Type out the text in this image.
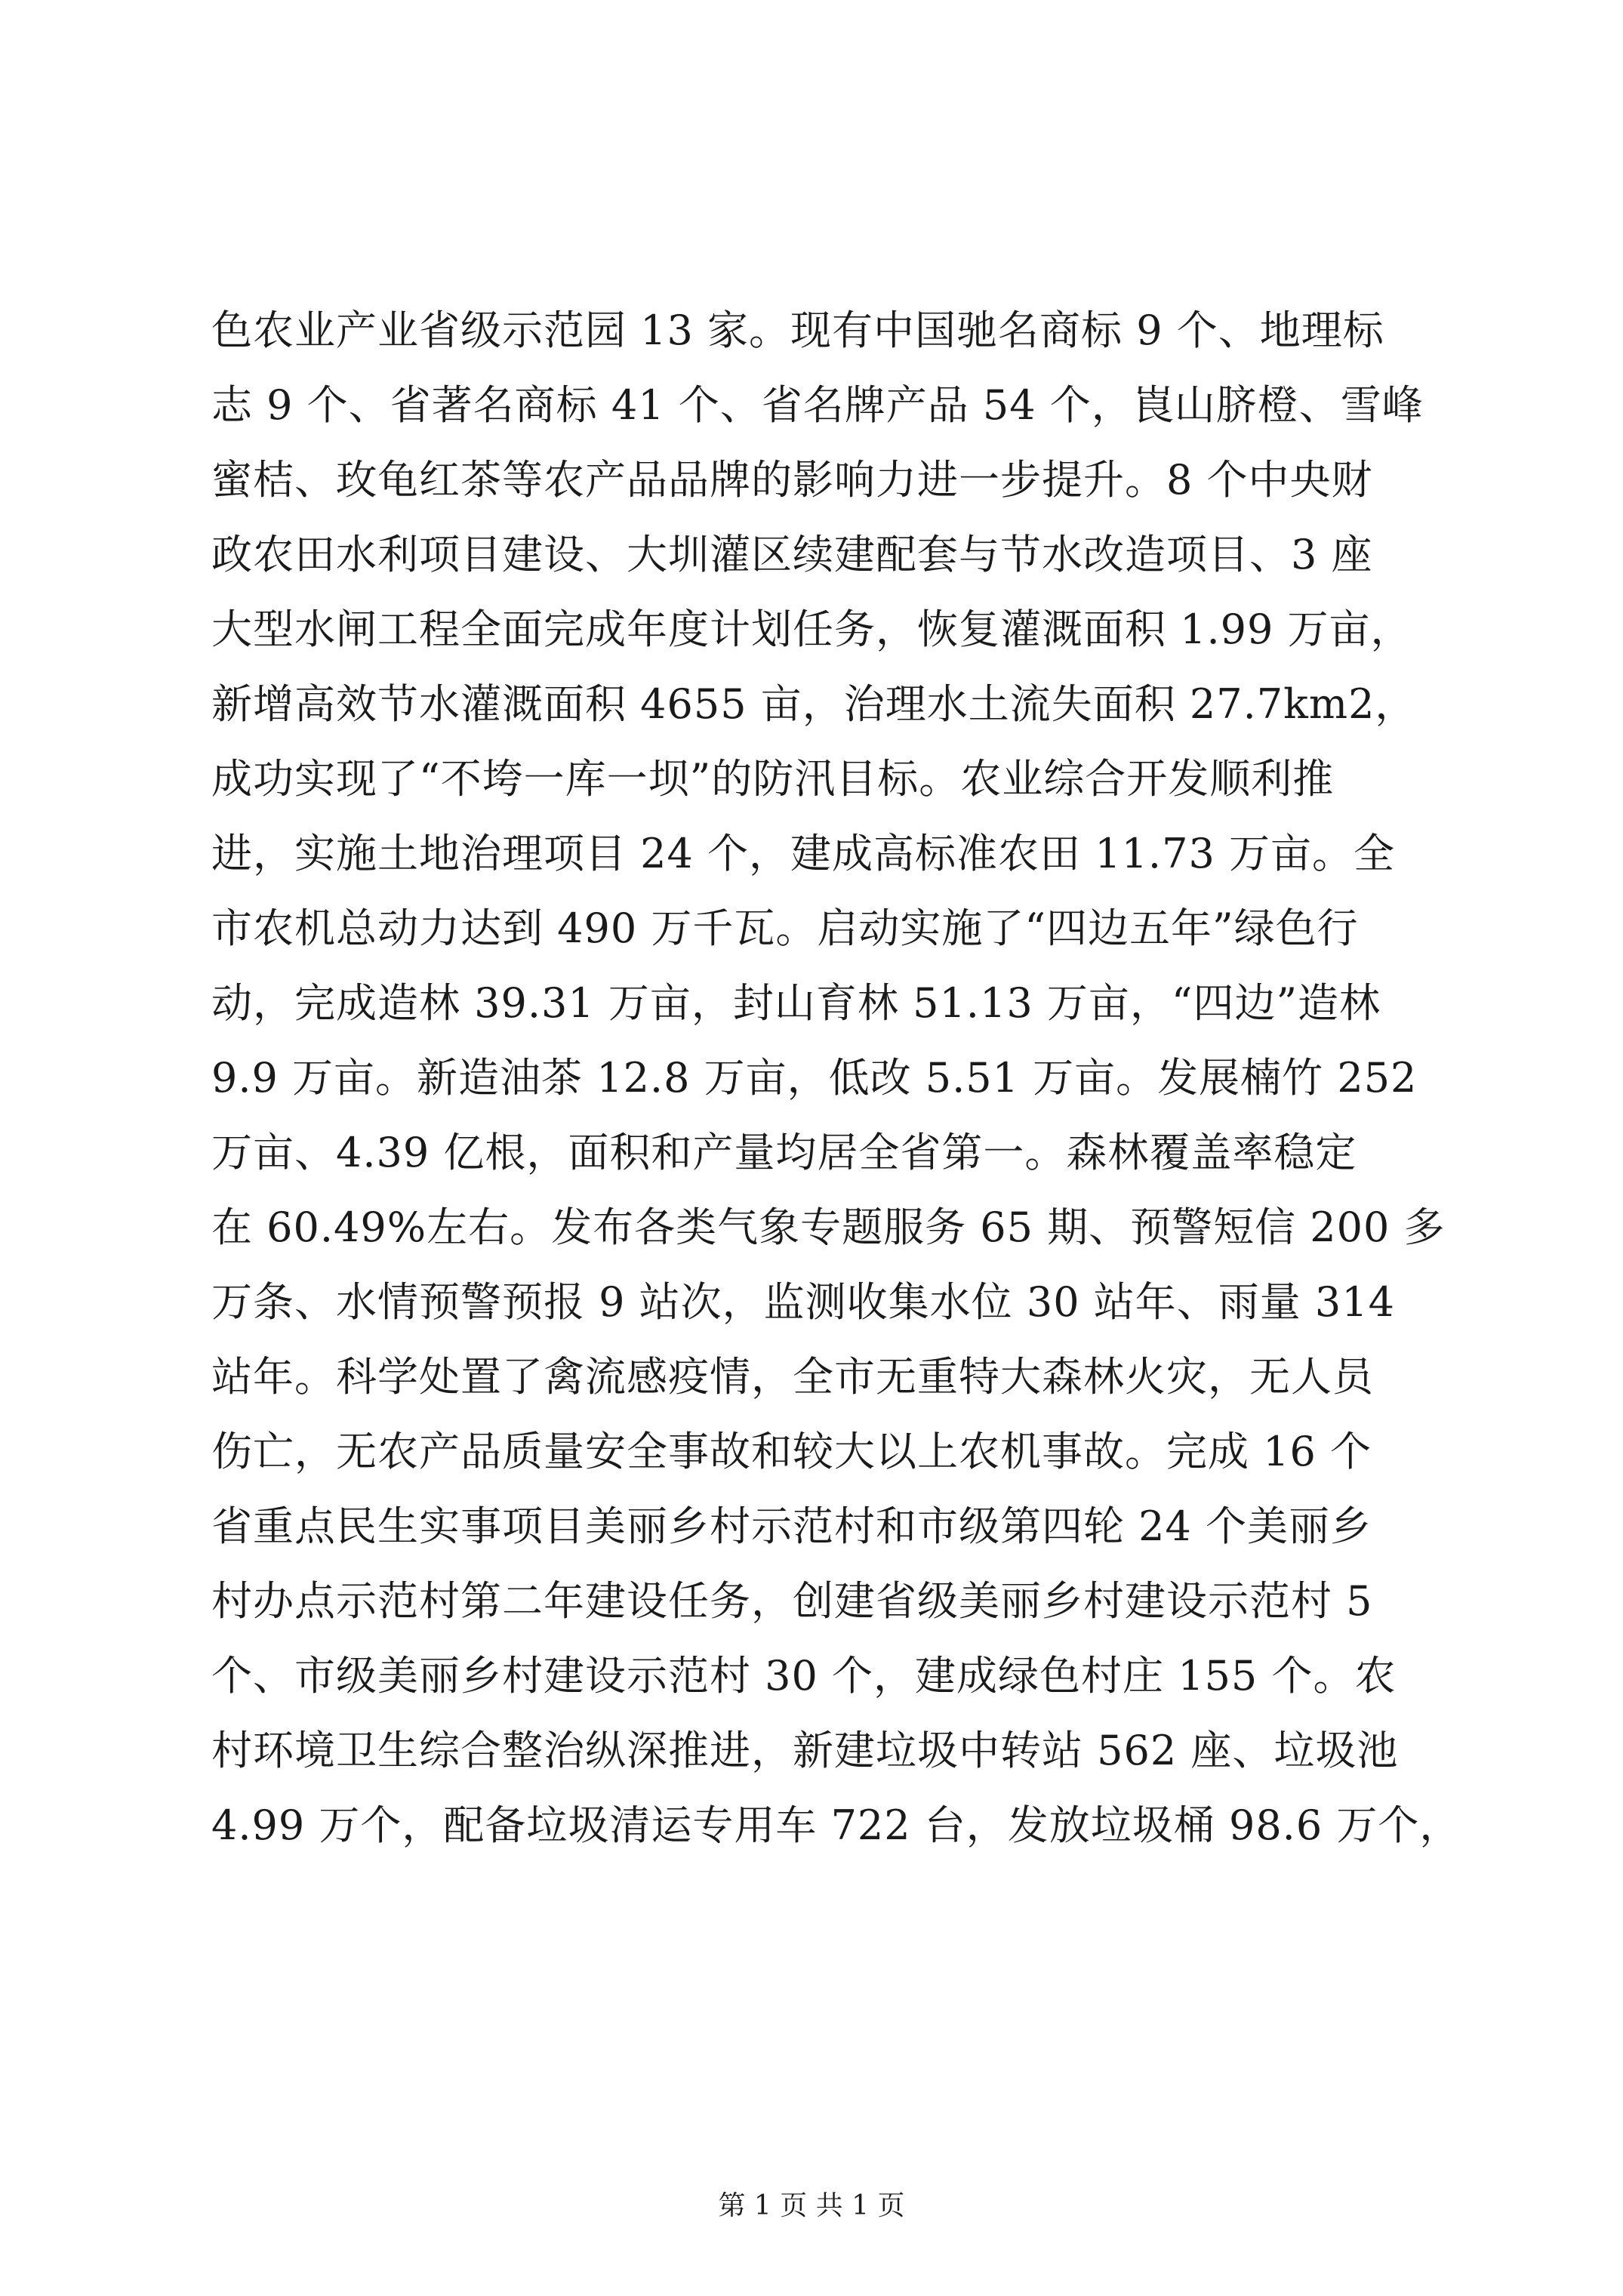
色农业产业省级示范园 13 家。现有中国驰名商标 9 个、地理标
志 9 个、省著名商标 41 个、省名牌产品 54 个，崀山脐橙、雪峰
蜜桔、玫龟红茶等农产品品牌的影响力进一步提升。8 个中央财
政农田水利项目建设、大圳灌区续建配套与节水改造项目、3 座
大型水闸工程全面完成年度计划任务，恢复灌溉面积 1.99 万亩，
新增高效节水灌溉面积 4655 亩，治理水土流失面积 27.7km2，
成功实现了“不垮一库一坝”的防汛目标。农业综合开发顺利推
进，实施土地治理项目 24 个，建成高标准农田 11.73 万亩。全
市农机总动力达到 490 万千瓦。启动实施了“四边五年”绿色行
动，完成造林 39.31 万亩，封山育林 51.13 万亩，“四边”造林
9.9 万亩。新造油茶 12.8 万亩，低改 5.51 万亩。发展楠竹 252
万亩、4.39 亿根，面积和产量均居全省第一。森林覆盖率稳定
在 60.49%左右。发布各类气象专题服务 65 期、预警短信 200 多
万条、水情预警预报 9 站次，监测收集水位 30 站年、雨量 314
站年。科学处置了禽流感疫情，全市无重特大森林火灾，无人员
伤亡，无农产品质量安全事故和较大以上农机事故。完成 16 个
省重点民生实事项目美丽乡村示范村和市级第四轮 24 个美丽乡
村办点示范村第二年建设任务，创建省级美丽乡村建设示范村 5
个、市级美丽乡村建设示范村 30 个，建成绿色村庄 155 个。农
村环境卫生综合整治纵深推进，新建垃圾中转站 562 座、垃圾池
4.99 万个，配备垃圾清运专用车 722 台，发放垃圾桶 98.6 万个，
第 1 页 共 1 页
